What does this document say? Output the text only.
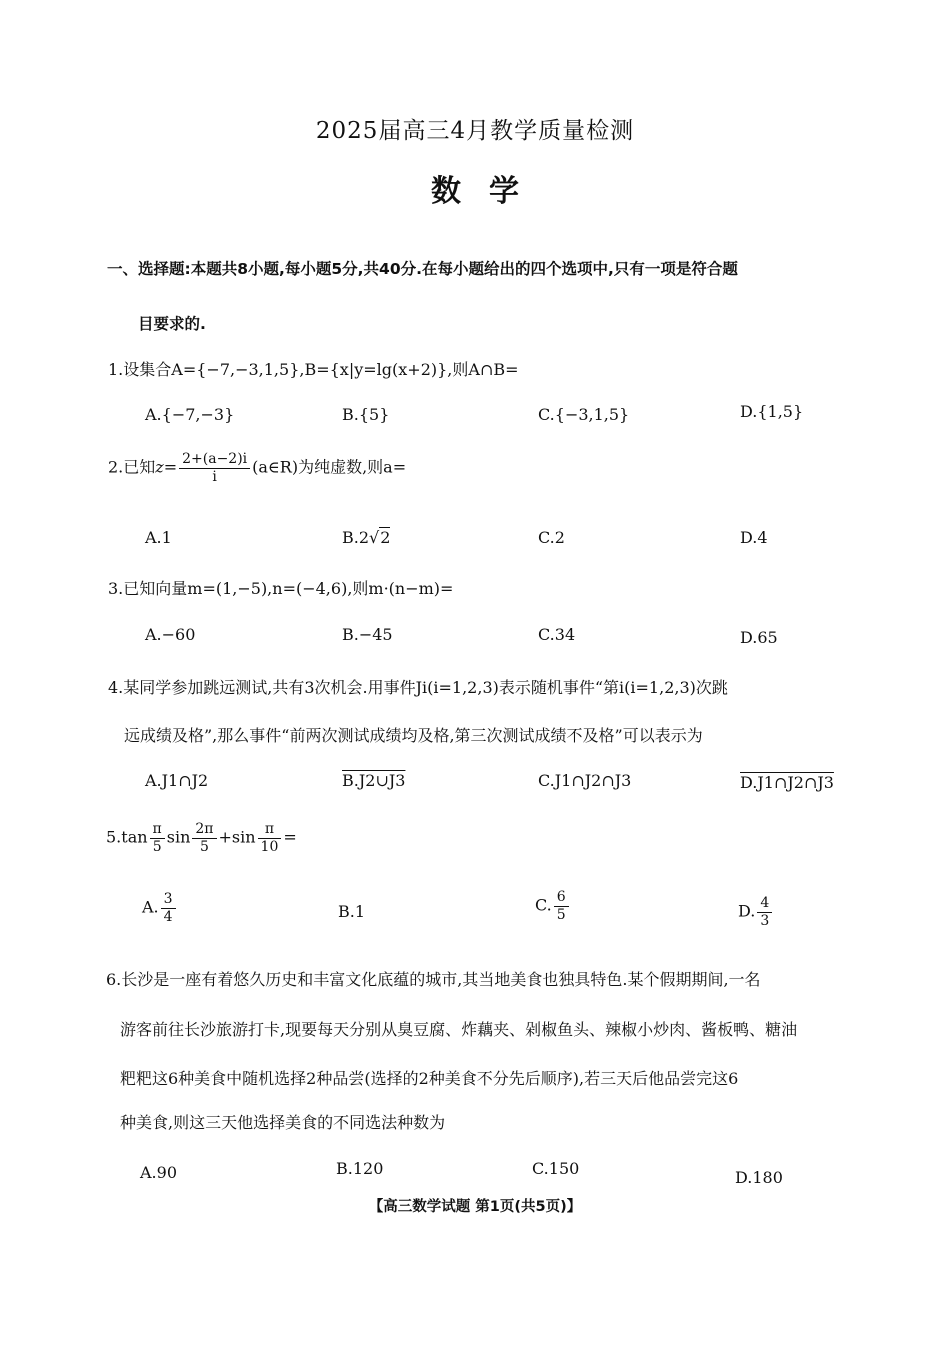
2025届高三4月教学质量检测
数学
一、选择题:本题共8小题,每小题5分,共40分.在每小题给出的四个选项中,只有一项是符合题
目要求的.
1.设集合A={−7,−3,1,5},B={x|y=lg(x+2)},则A∩B=
A.{−7,−3}	B.{5}	C.{−3,1,5}	D.{1,5}
2.已知$z= \frac{2+(a-2)i}{i}$ (a∈R)为纯虚数,则a=
A.1	B.2√2	C.2	D.4
3.已知向量m=(1,−5),n=(−4,6),则m·(n−m)=
A.−60	B.−45	C.34	D.65
4.某同学参加跳远测试,共有3次机会.用事件Ji(i=1,2,3)表示随机事件“第i(i=1,2,3)次跳
远成绩及格”,那么事件“前两次测试成绩均及格,第三次测试成绩不及格”可以表示为
A.J1∩J2	B.J2∪J3	C.J1∩J2∩J3	D.J1∩J2∩J3
$5.\tan \frac{\pi}{5}$ $\sin \frac{2\pi}{5} +\sin \frac{\pi}{10}$ =
A. $\frac{3}{4}$	B.1	C. $\frac{6}{5}$	D. $\frac{4}{3}$
6.长沙是一座有着悠久历史和丰富文化底蕴的城市,其当地美食也独具特色.某个假期期间,一名
游客前往长沙旅游打卡,现要每天分别从臭豆腐、炸藕夹、剁椒鱼头、辣椒小炒肉、酱板鸭、糖油
粑粑这6种美食中随机选择2种品尝(选择的2种美食不分先后顺序),若三天后他品尝完这6
种美食,则这三天他选择美食的不同选法种数为
A.90	B.120	C.150	D.180
【高三数学试题 第1页(共5页)】
